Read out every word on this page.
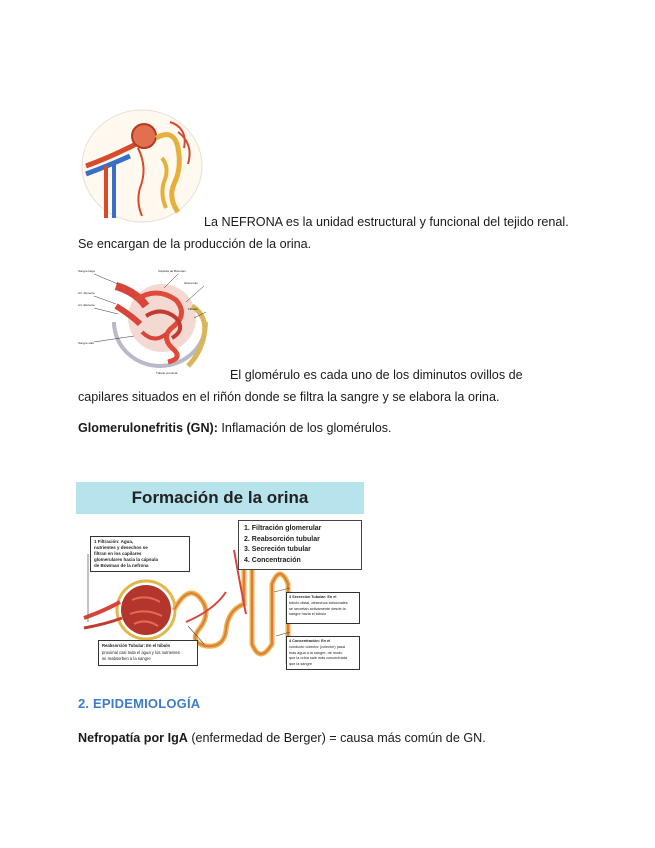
La NEFRONA es la unidad estructural y funcional del tejido renal.
Se encargan de la producción de la orina.
Sangre llega
Art. Aferente
Art. Eferente
Sangre sale
Cápsula de Bowman
Glomérulo
Filtrado
Túbulo proximal	El glomérulo es cada uno de los diminutos ovillos de
capilares situados en el riñón donde se filtra la sangre y se elabora la orina.
Glomerulonefritis (GN): Inflamación de los glomérulos.
Formación de la orina
1 Filtración: Agua,
nutrientes y desechos se
filtran en los capilares
glomerulares hacia la cápsula
de Bowman de la nefrona
1. Filtración glomerular
2. Reabsorción tubular
3. Secreción tubular
4. Concentración
3 Secreción Tubular: En el
túbulo distal, desechos adicionales
se secretan activamente desde la
sangre hacia el túbulo
4 Concentración: En el
conducto colector (colector) pasa
más agua a la sangre, de modo
que la orina sale más concentrada
que la sangre
Reabsorción Tubular: En el túbulo
proximal casi toda el agua y los nutrientes
se reabsorben a la sangre
2. EPIDEMIOLOGÍA
Nefropatía por IgA (enfermedad de Berger) = causa más común de GN.
